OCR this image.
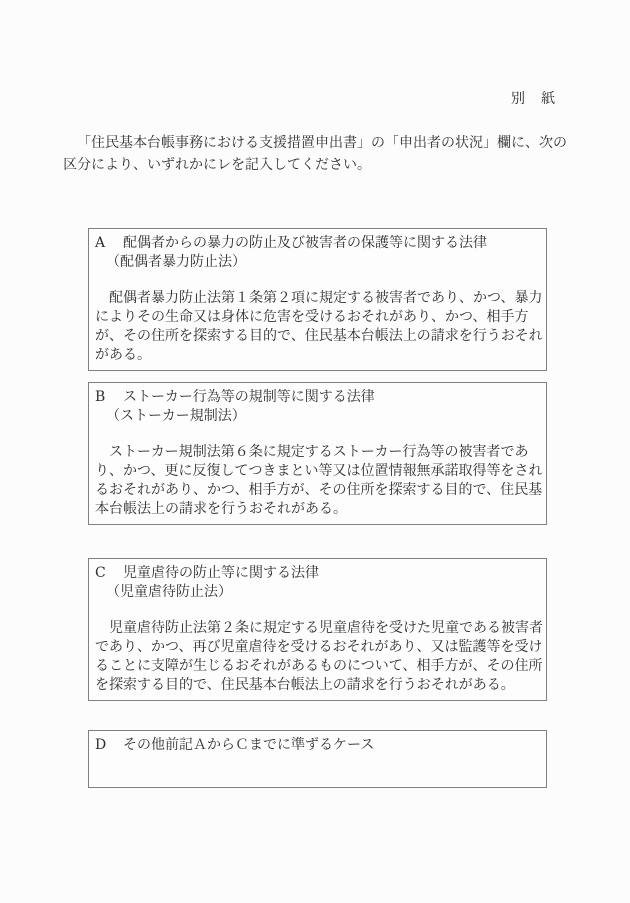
別　紙

「住民基本台帳事務における支援措置申出書」の「申出者の状況」欄に、次の区分により、いずれかにレを記入してください。

A 配偶者からの暴力の防止及び被害者の保護等に関する法律
（配偶者暴力防止法）

配偶者暴力防止法第１条第２項に規定する被害者であり、かつ、暴力によりその生命又は身体に危害を受けるおそれがあり、かつ、相手方が、その住所を探索する目的で、住民基本台帳法上の請求を行うおそれがある。

B ストーカー行為等の規制等に関する法律
（ストーカー規制法）

ストーカー規制法第６条に規定するストーカー行為等の被害者であり、かつ、更に反復してつきまとい等又は位置情報無承諾取得等をされるおそれがあり、かつ、相手方が、その住所を探索する目的で、住民基本台帳法上の請求を行うおそれがある。

C 児童虐待の防止等に関する法律
（児童虐待防止法）

児童虐待防止法第２条に規定する児童虐待を受けた児童である被害者であり、かつ、再び児童虐待を受けるおそれがあり、又は監護等を受けることに支障が生じるおそれがあるものについて、相手方が、その住所を探索する目的で、住民基本台帳法上の請求を行うおそれがある。

D その他前記ＡからＣまでに準ずるケース
